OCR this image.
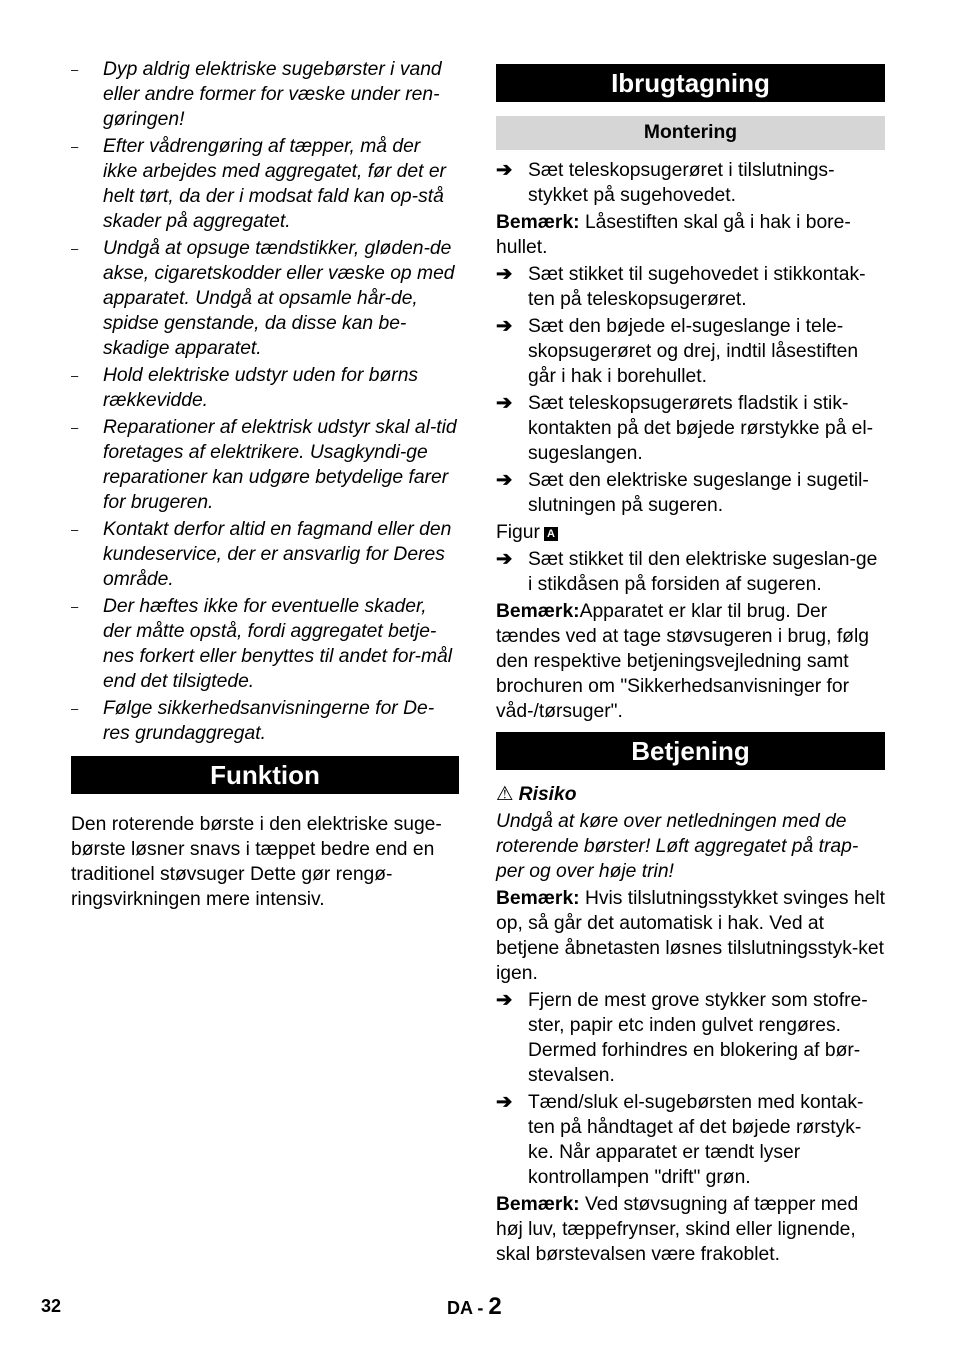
– Dyp aldrig elektriske sugebørster i vand eller andre former for væske under ren-gøringen!
– Efter vådrengøring af tæpper, må der ikke arbejdes med aggregatet, før det er helt tørt, da der i modsat fald kan op-stå skader på aggregatet.
– Undgå at opsuge tændstikker, gløden-de akse, cigaretskodder eller væske op med apparatet. Undgå at opsamle hår-de, spidse genstande, da disse kan be-skadige apparatet.
– Hold elektriske udstyr uden for børns rækkevidde.
– Reparationer af elektrisk udstyr skal al-tid foretages af elektrikere. Usagkyndi-ge reparationer kan udgøre betydelige farer for brugeren.
– Kontakt derfor altid en fagmand eller den kundeservice, der er ansvarlig for Deres område.
– Der hæftes ikke for eventuelle skader, der måtte opstå, fordi aggregatet betje-nes forkert eller benyttes til andet for-mål end det tilsigtede.
– Følge sikkerhedsanvisningerne for De-res grundaggregat.
Funktion
Den roterende børste i den elektriske suge-børste løsner snavs i tæppet bedre end en traditionel støvsuger Dette gør rengø-ringsvirkningen mere intensiv.
Ibrugtagning
Montering
➔ Sæt teleskopsugerøret i tilslutnings-stykket på sugehovedet.
Bemærk: Låsestiften skal gå i hak i bore-hullet.
➔ Sæt stikket til sugehovedet i stikkontak-ten på teleskopsugerøret.
➔ Sæt den bøjede el-sugeslange i tele-skopsugerøret og drej, indtil låsestiften går i hak i borehullet.
➔ Sæt teleskopsugerørets fladstik i stik-kontakten på det bøjede rørstykke på el-sugeslangen.
➔ Sæt den elektriske sugeslange i sugetil-slutningen på sugeren.
Figur A
➔ Sæt stikket til den elektriske sugeslan-ge i stikdåsen på forsiden af sugeren.
Bemærk:Apparatet er klar til brug. Der tændes ved at tage støvsugeren i brug, følg den respektive betjeningsvejledning samt brochuren om "Sikkerhedsanvisninger for våd-/tørsuger".
Betjening
⚠ Risiko
Undgå at køre over netledningen med de roterende børster! Løft aggregatet på trap-per og over høje trin!
Bemærk: Hvis tilslutningsstykket svinges helt op, så går det automatisk i hak. Ved at betjene åbnetasten løsnes tilslutningsstyk-ket igen.
➔ Fjern de mest grove stykker som stofre-ster, papir etc inden gulvet rengøres. Dermed forhindres en blokering af bør-stevalsen.
➔ Tænd/sluk el-sugebørsten med kontak-ten på håndtaget af det bøjede rørstyk-ke. Når apparatet er tændt lyser kontrollampen "drift" grøn.
Bemærk: Ved støvsugning af tæpper med høj luv, tæppefrynser, skind eller lignende, skal børstevalsen være frakoblet.
32	DA - 2
